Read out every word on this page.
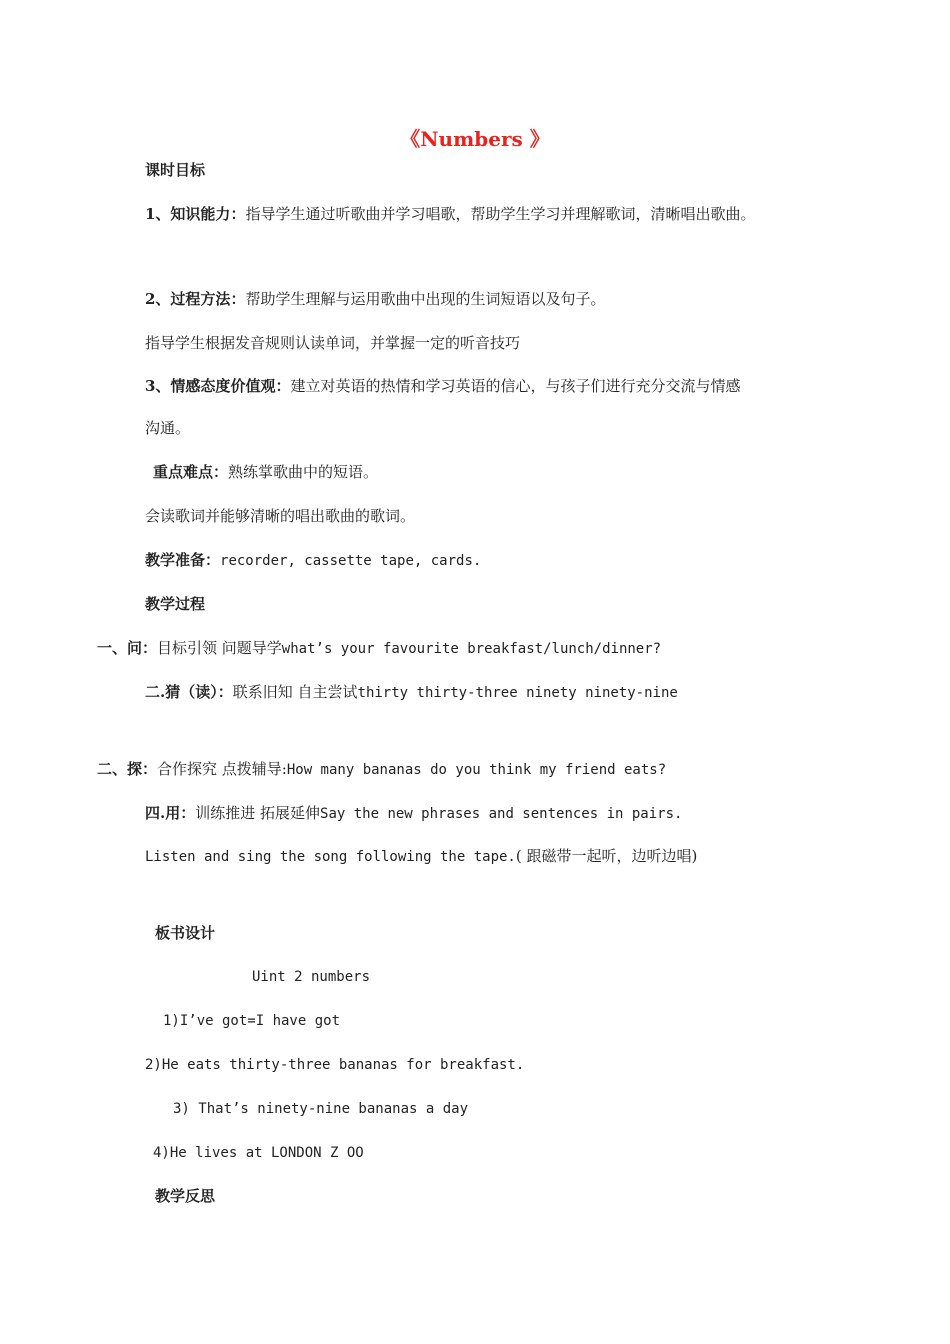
《Numbers 》
课时目标
1、知识能力：指导学生通过听歌曲并学习唱歌，帮助学生学习并理解歌词，清晰唱出歌曲。
2、过程方法：帮助学生理解与运用歌曲中出现的生词短语以及句子。
指导学生根据发音规则认读单词，并掌握一定的听音技巧
3、情感态度价值观：建立对英语的热情和学习英语的信心，与孩子们进行充分交流与情感
沟通。
重点难点：熟练掌歌曲中的短语。
会读歌词并能够清晰的唱出歌曲的歌词。
教学准备：recorder, cassette tape, cards.
教学过程
一、问：目标引领 问题导学what’s your favourite breakfast/lunch/dinner?
二.猜（读）：联系旧知 自主尝试thirty thirty-three ninety ninety-nine
二、探：合作探究 点拨辅导:How many bananas do you think my friend eats?
四.用：训练推进 拓展延伸Say the new phrases and sentences in pairs.
Listen and sing the song following the tape.( 跟磁带一起听，边听边唱)
板书设计
Uint 2 numbers
1)I’ve got=I have got
2)He eats thirty-three bananas for breakfast.
3) That’s ninety-nine bananas a day
4)He lives at LONDON Z OO
教学反思
